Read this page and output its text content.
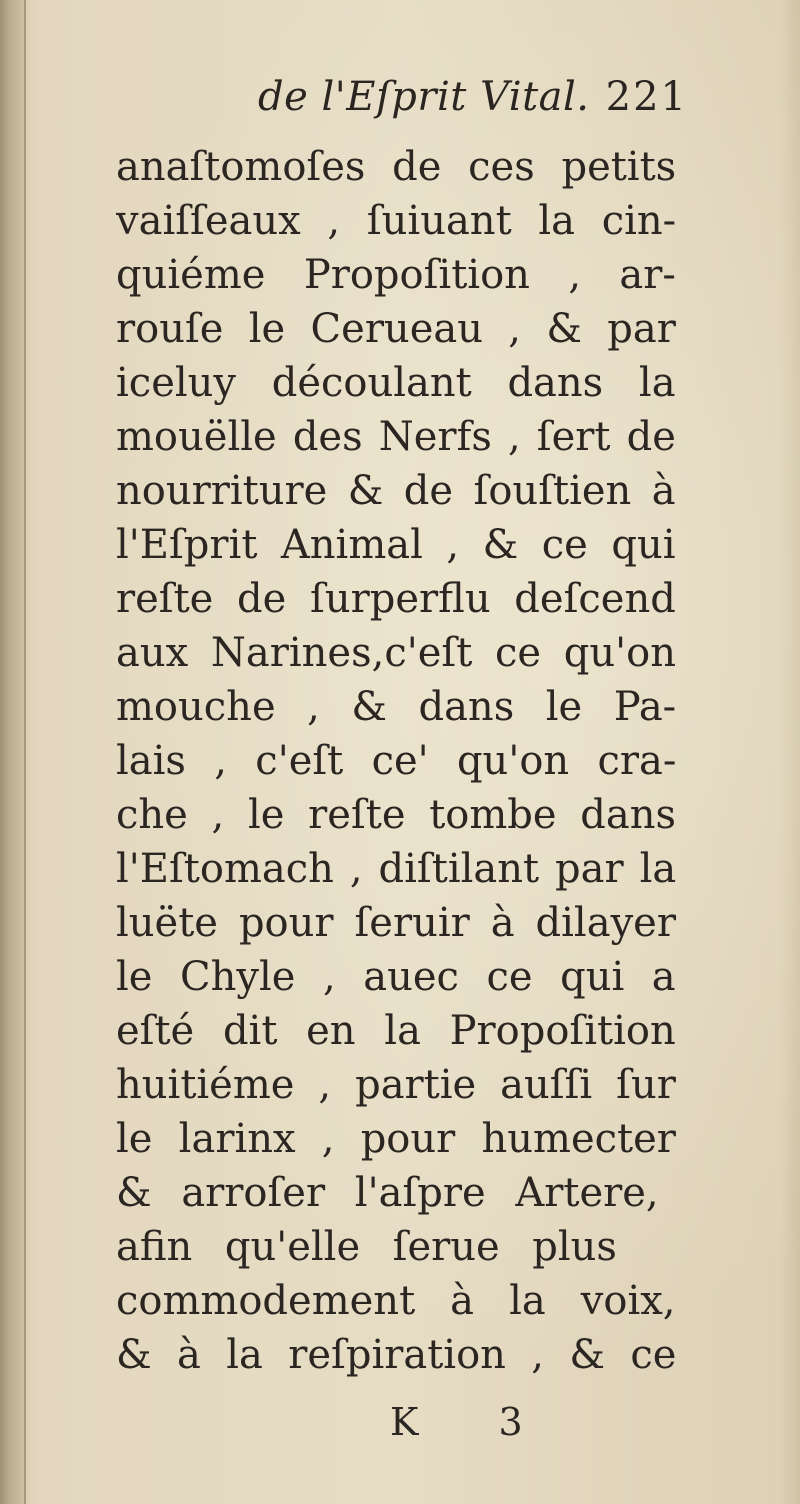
de l'Eſprit Vital. 221
anaſtomoſes de ces petits
vaiſſeaux , ſuiuant la cin-
quiéme Propoſition , ar-
rouſe le Cerueau , & par
iceluy découlant dans la
mouëlle des Nerfs , ſert de
nourriture & de ſouſtien à
l'Eſprit Animal , & ce qui
reſte de ſurperflu deſcend
aux Narines,c'eſt ce qu'on
mouche , & dans le Pa-
lais , c'eſt ce' qu'on cra-
che , le reſte tombe dans
l'Eſtomach , diſtilant par la
luëte pour ſeruir à dilayer
le Chyle , auec ce qui a
eſté dit en la Propoſition
huitiéme , partie auſſi ſur
le larinx , pour humecter
& arroſer l'aſpre Artere,
afin qu'elle ſerue plus
commodement à la voix,
& à la reſpiration , & ce
K 3
